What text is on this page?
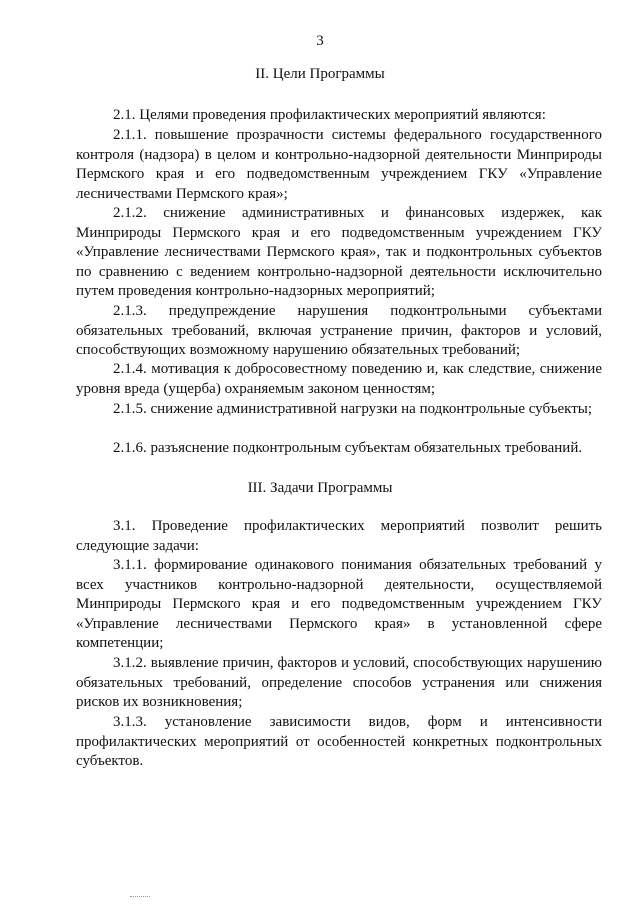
3
II. Цели Программы
2.1. Целями проведения профилактических мероприятий являются:
2.1.1. повышение прозрачности системы федерального государственного контроля (надзора) в целом и контрольно-надзорной деятельности Минприроды Пермского края и его подведомственным учреждением ГКУ «Управление лесничествами Пермского края»;
2.1.2. снижение административных и финансовых издержек, как Минприроды Пермского края и его подведомственным учреждением ГКУ «Управление лесничествами Пермского края», так и подконтрольных субъектов по сравнению с ведением контрольно-надзорной деятельности исключительно путем проведения контрольно-надзорных мероприятий;
2.1.3. предупреждение нарушения подконтрольными субъектами обязательных требований, включая устранение причин, факторов и условий, способствующих возможному нарушению обязательных требований;
2.1.4. мотивация к добросовестному поведению и, как следствие, снижение уровня вреда (ущерба) охраняемым законом ценностям;
2.1.5. снижение административной нагрузки на подконтрольные субъекты;
2.1.6. разъяснение подконтрольным субъектам обязательных требований.
III. Задачи Программы
3.1. Проведение профилактических мероприятий позволит решить следующие задачи:
3.1.1. формирование одинакового понимания обязательных требований у всех участников контрольно-надзорной деятельности, осуществляемой Минприроды Пермского края и его подведомственным учреждением ГКУ «Управление лесничествами Пермского края» в установленной сфере компетенции;
3.1.2. выявление причин, факторов и условий, способствующих нарушению обязательных требований, определение способов устранения или снижения рисков их возникновения;
3.1.3. установление зависимости видов, форм и интенсивности профилактических мероприятий от особенностей конкретных подконтрольных субъектов.
